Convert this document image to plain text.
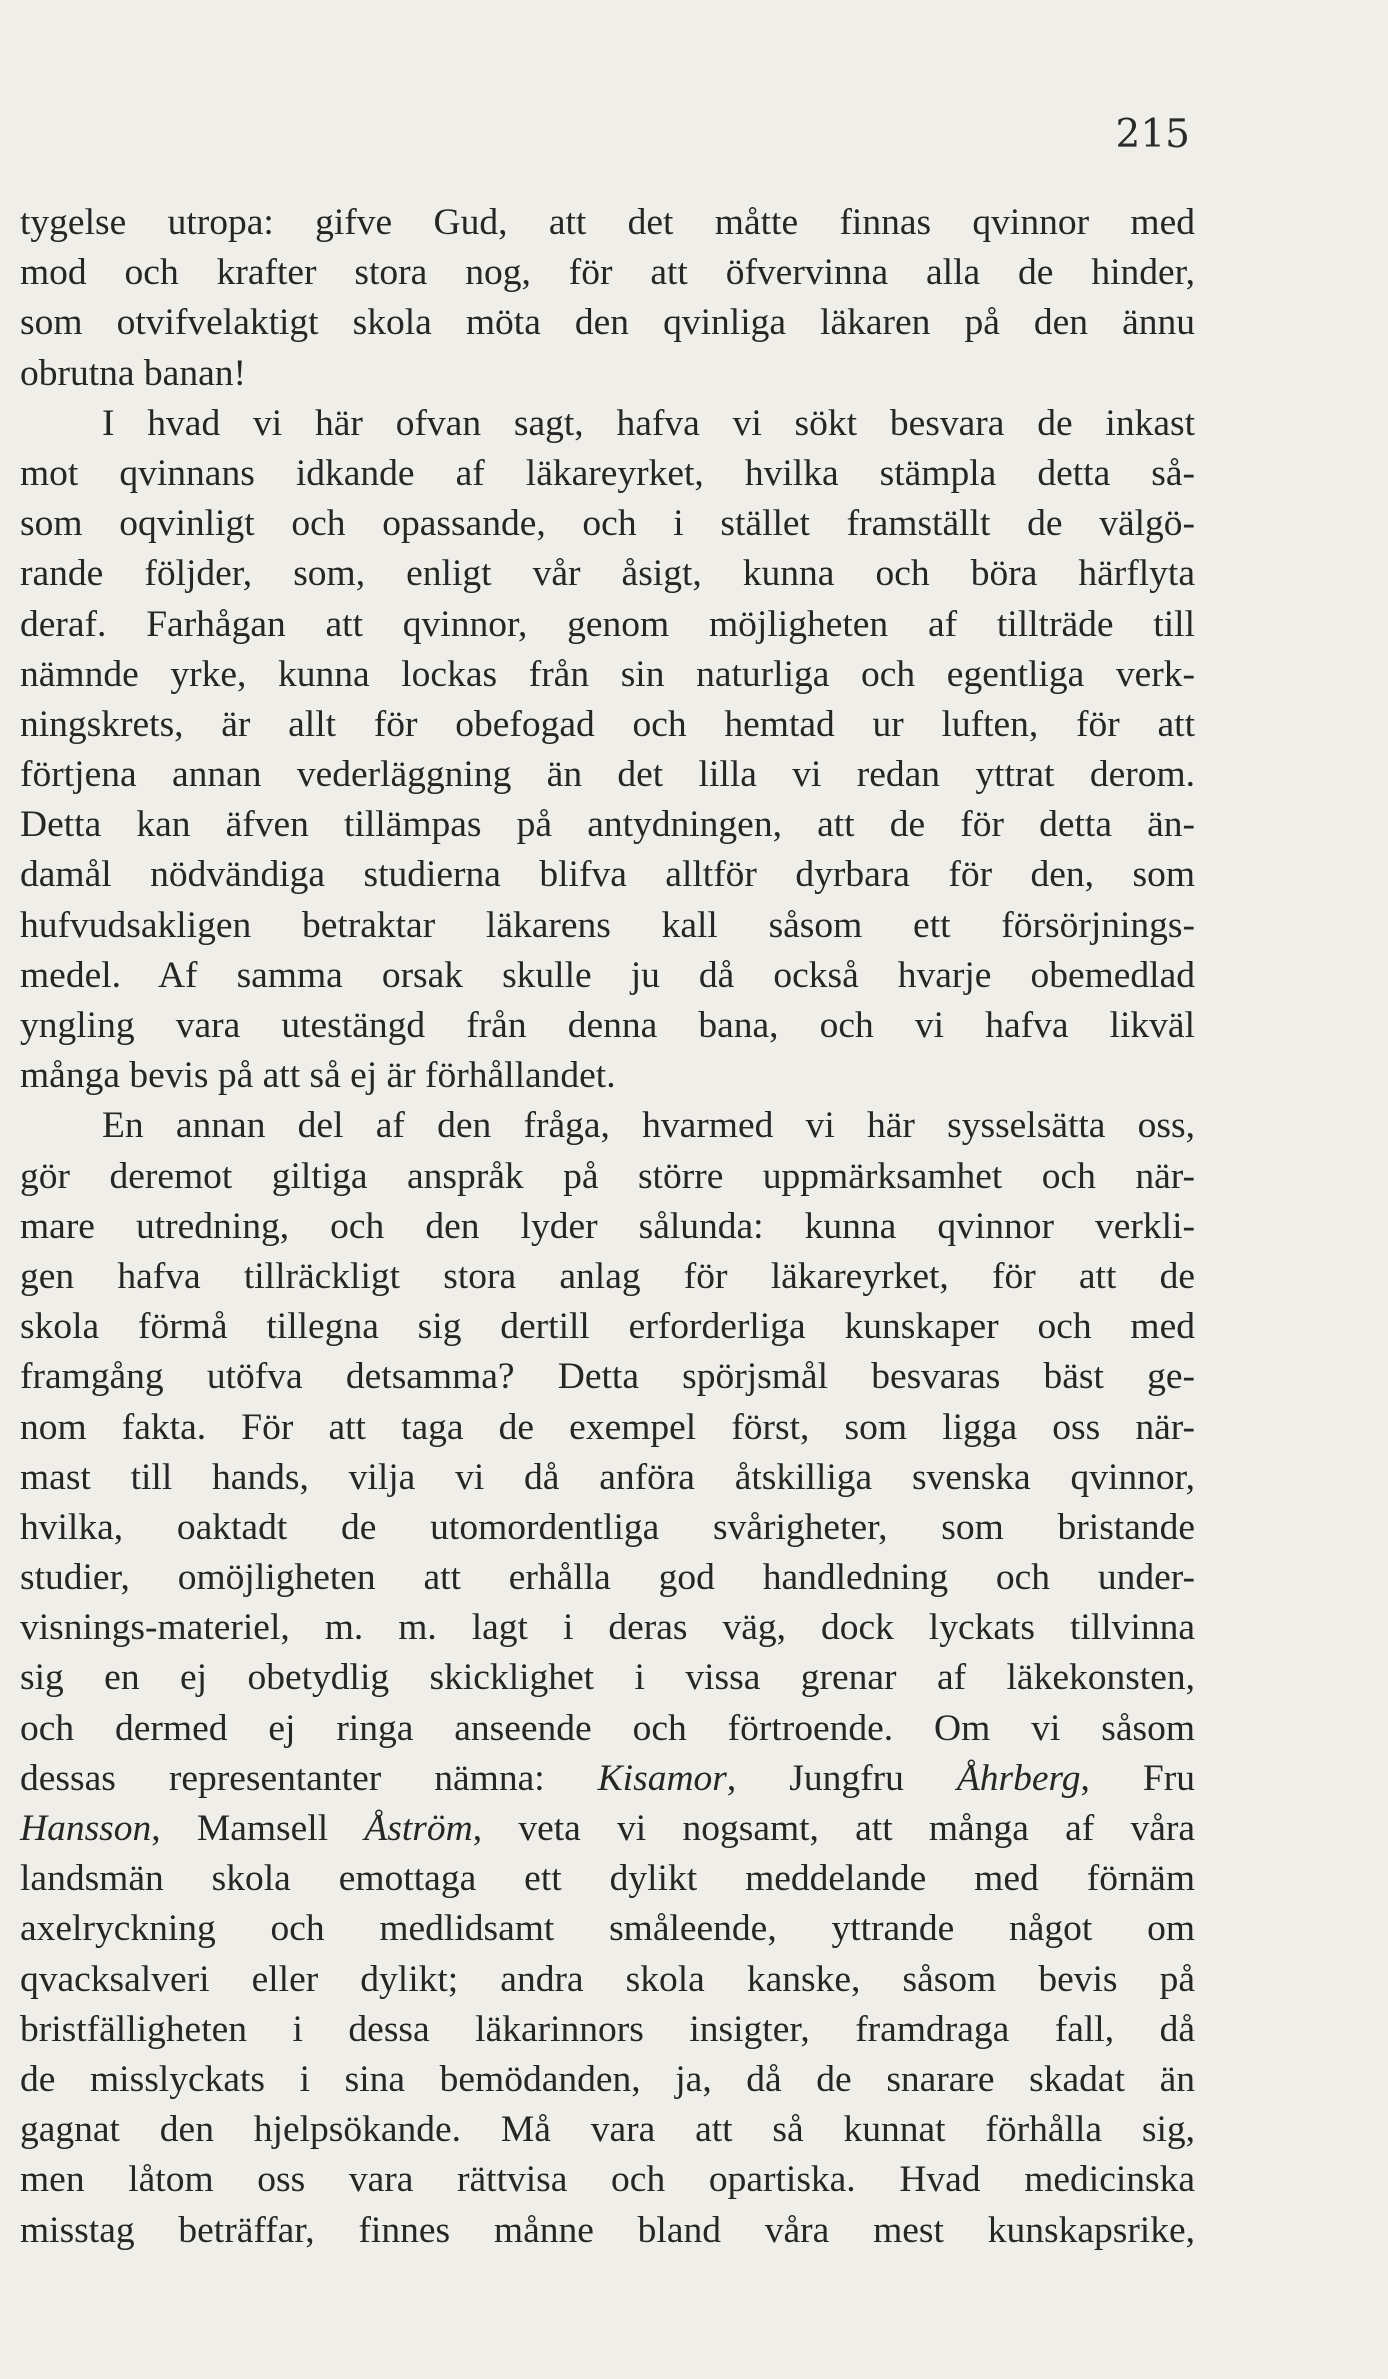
215
tygelse utropa: gifve Gud, att det måtte finnas qvinnor med
mod och krafter stora nog, för att öfvervinna alla de hinder,
som otvifvelaktigt skola möta den qvinliga läkaren på den ännu
obrutna banan!
I hvad vi här ofvan sagt, hafva vi sökt besvara de inkast
mot qvinnans idkande af läkareyrket, hvilka stämpla detta så-
som oqvinligt och opassande, och i stället framställt de välgö-
rande följder, som, enligt vår åsigt, kunna och böra härflyta
deraf. Farhågan att qvinnor, genom möjligheten af tillträde till
nämnde yrke, kunna lockas från sin naturliga och egentliga verk-
ningskrets, är allt för obefogad och hemtad ur luften, för att
förtjena annan vederläggning än det lilla vi redan yttrat derom.
Detta kan äfven tillämpas på antydningen, att de för detta än-
damål nödvändiga studierna blifva alltför dyrbara för den, som
hufvudsakligen betraktar läkarens kall såsom ett försörjnings-
medel. Af samma orsak skulle ju då också hvarje obemedlad
yngling vara utestängd från denna bana, och vi hafva likväl
många bevis på att så ej är förhållandet.
En annan del af den fråga, hvarmed vi här sysselsätta oss,
gör deremot giltiga anspråk på större uppmärksamhet och när-
mare utredning, och den lyder sålunda: kunna qvinnor verkli-
gen hafva tillräckligt stora anlag för läkareyrket, för att de
skola förmå tillegna sig dertill erforderliga kunskaper och med
framgång utöfva detsamma? Detta spörjsmål besvaras bäst ge-
nom fakta. För att taga de exempel först, som ligga oss när-
mast till hands, vilja vi då anföra åtskilliga svenska qvinnor,
hvilka, oaktadt de utomordentliga svårigheter, som bristande
studier, omöjligheten att erhålla god handledning och under-
visnings-materiel, m. m. lagt i deras väg, dock lyckats tillvinna
sig en ej obetydlig skicklighet i vissa grenar af läkekonsten,
och dermed ej ringa anseende och förtroende. Om vi såsom
dessas representanter nämna: Kisamor, Jungfru Åhrberg, Fru
Hansson, Mamsell Åström, veta vi nogsamt, att många af våra
landsmän skola emottaga ett dylikt meddelande med förnäm
axelryckning och medlidsamt småleende, yttrande något om
qvacksalveri eller dylikt; andra skola kanske, såsom bevis på
bristfälligheten i dessa läkarinnors insigter, framdraga fall, då
de misslyckats i sina bemödanden, ja, då de snarare skadat än
gagnat den hjelpsökande. Må vara att så kunnat förhålla sig,
men låtom oss vara rättvisa och opartiska. Hvad medicinska
misstag beträffar, finnes månne bland våra mest kunskapsrike,
